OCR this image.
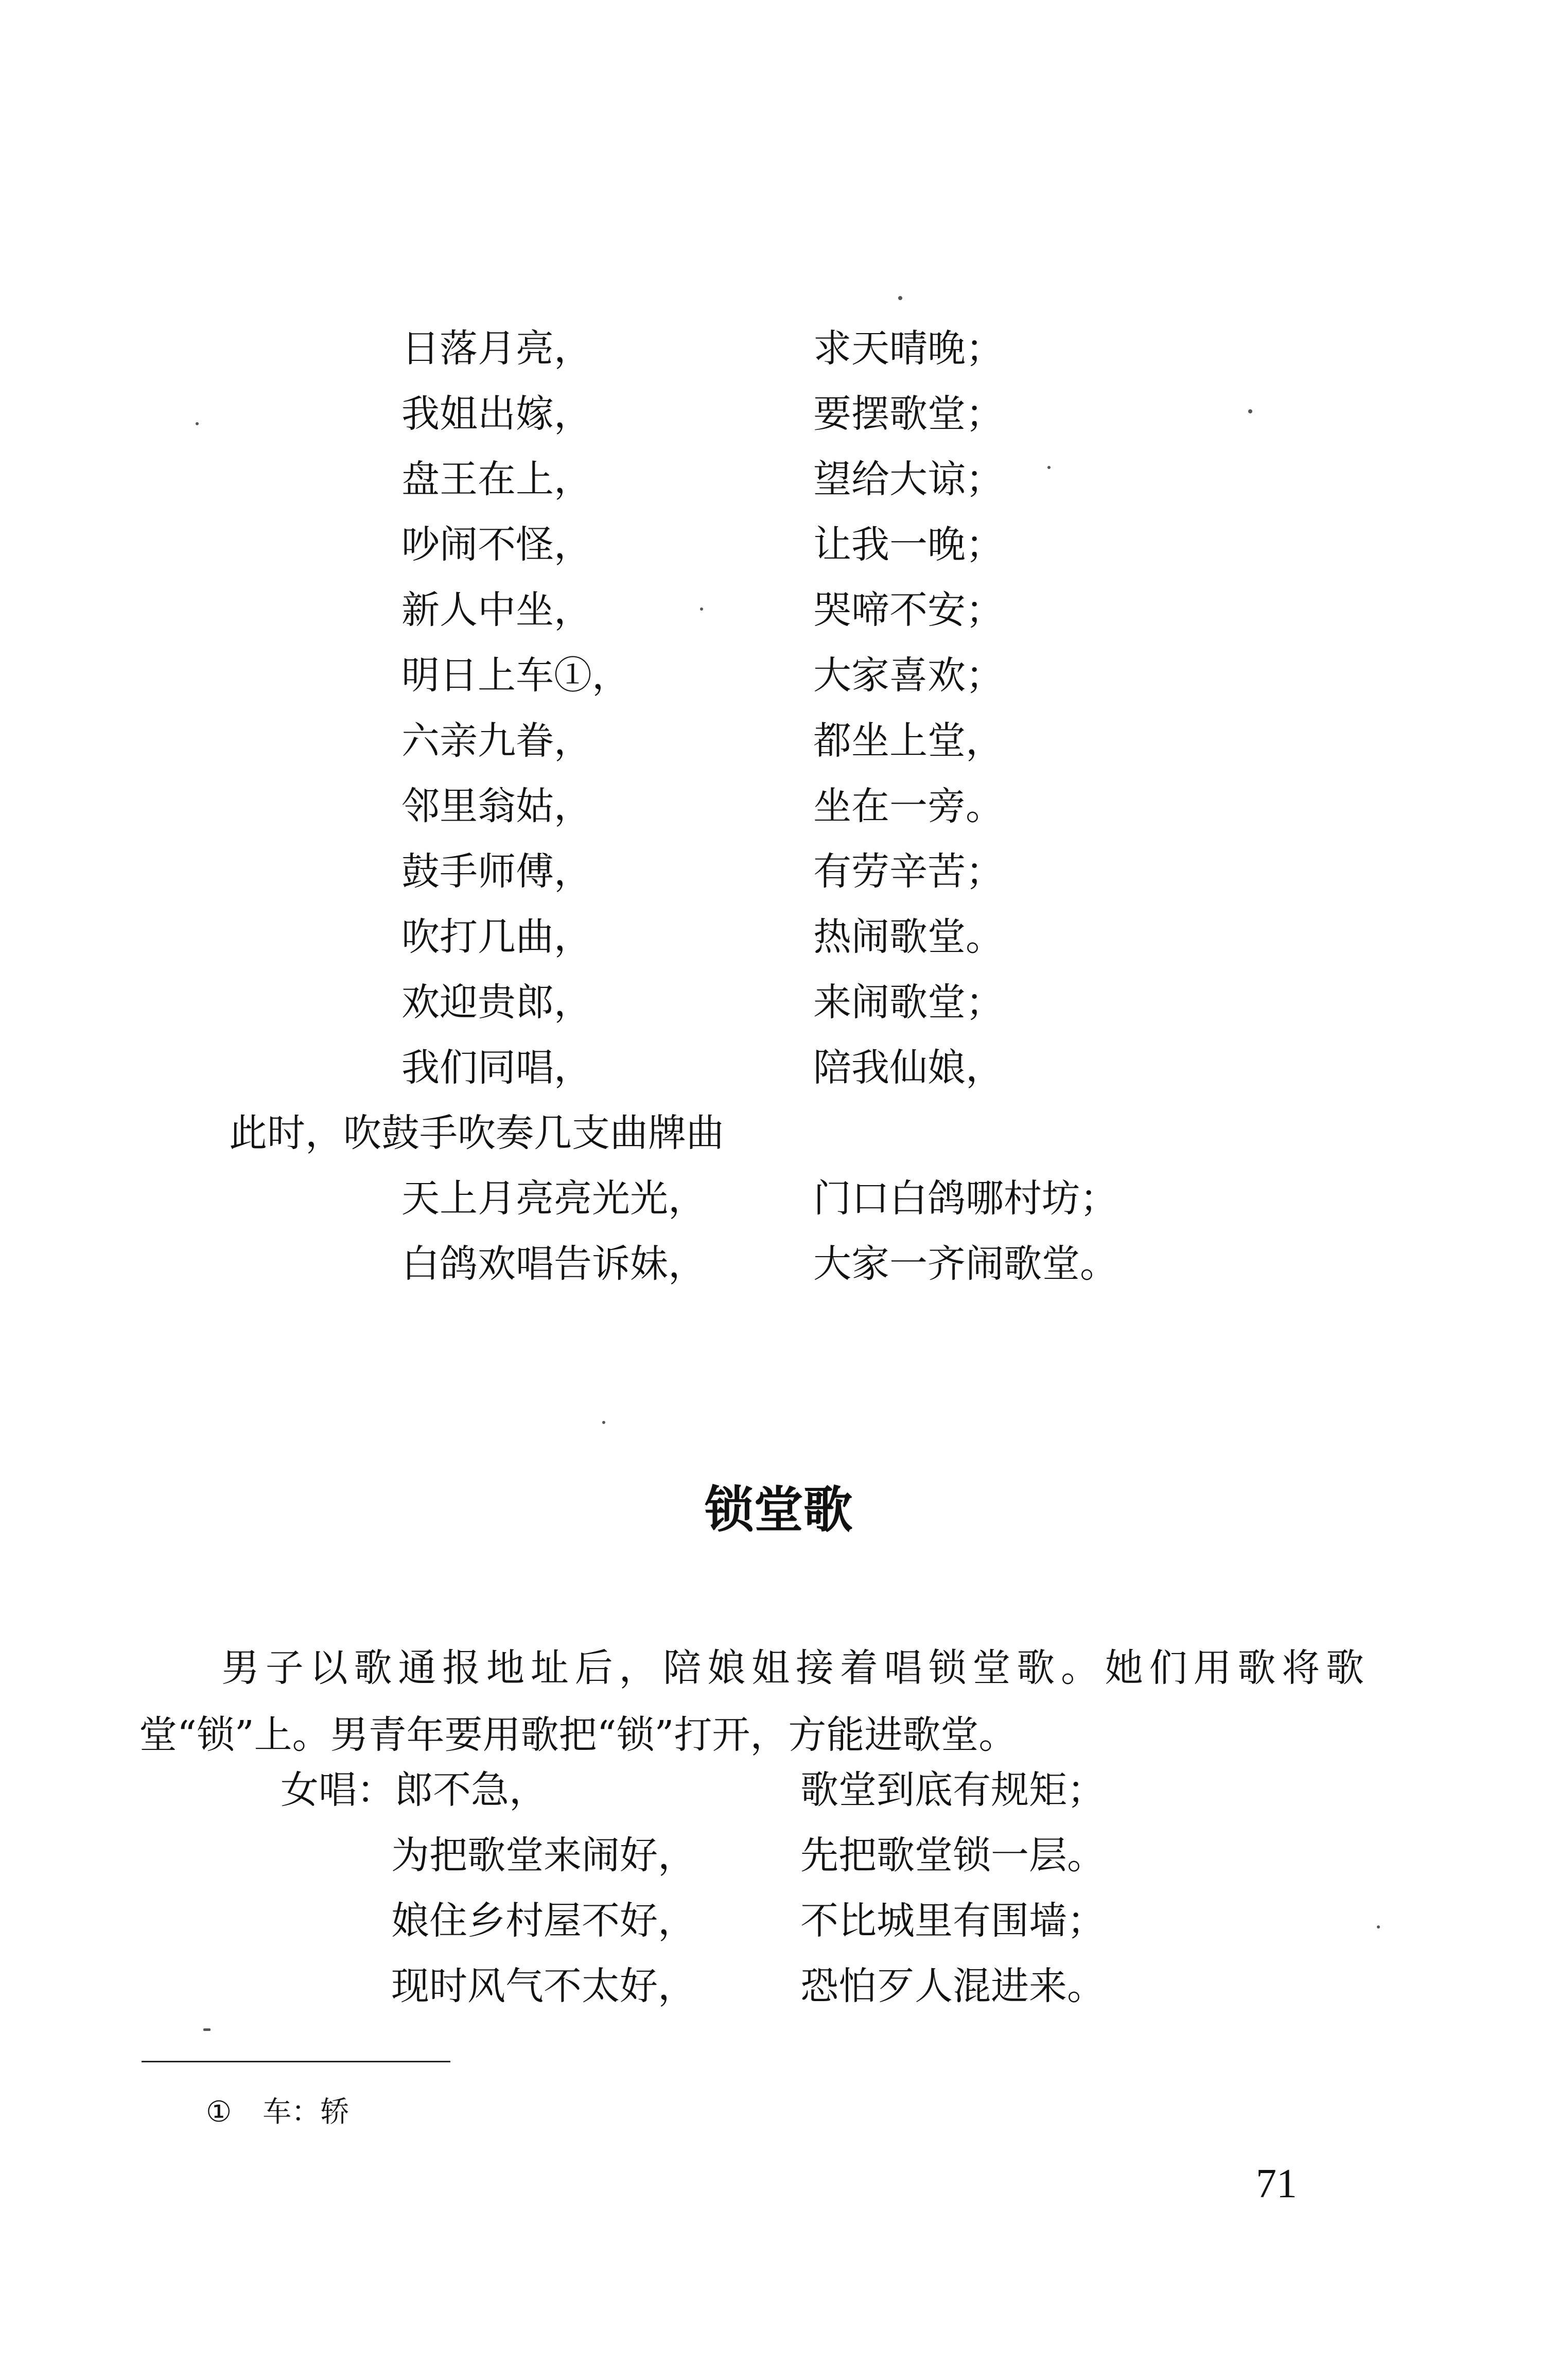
日落月亮，	求天晴晚；
我姐出嫁，	要摆歌堂；
盘王在上，	望给大谅；
吵闹不怪，	让我一晚；
新人中坐，	哭啼不安；
明日上车①，	大家喜欢；
六亲九眷，	都坐上堂，
邻里翁姑，	坐在一旁。
鼓手师傅，	有劳辛苦；
吹打几曲，	热闹歌堂。
欢迎贵郎，	来闹歌堂；
我们同唱，	陪我仙娘，
此时，吹鼓手吹奏几支曲牌曲
天上月亮亮光光，	门口白鸽哪村坊；
白鸽欢唱告诉妹，	大家一齐闹歌堂。
锁堂歌

男子以歌通报地址后，陪娘姐接着唱锁堂歌。她们用歌将歌堂“锁”上。男青年要用歌把“锁”打开，方能进歌堂。

女唱：郎不急，	歌堂到底有规矩；
为把歌堂来闹好，	先把歌堂锁一层。
娘住乡村屋不好，	不比城里有围墙；
现时风气不太好，	恐怕歹人混进来。
① 车：轿
71
